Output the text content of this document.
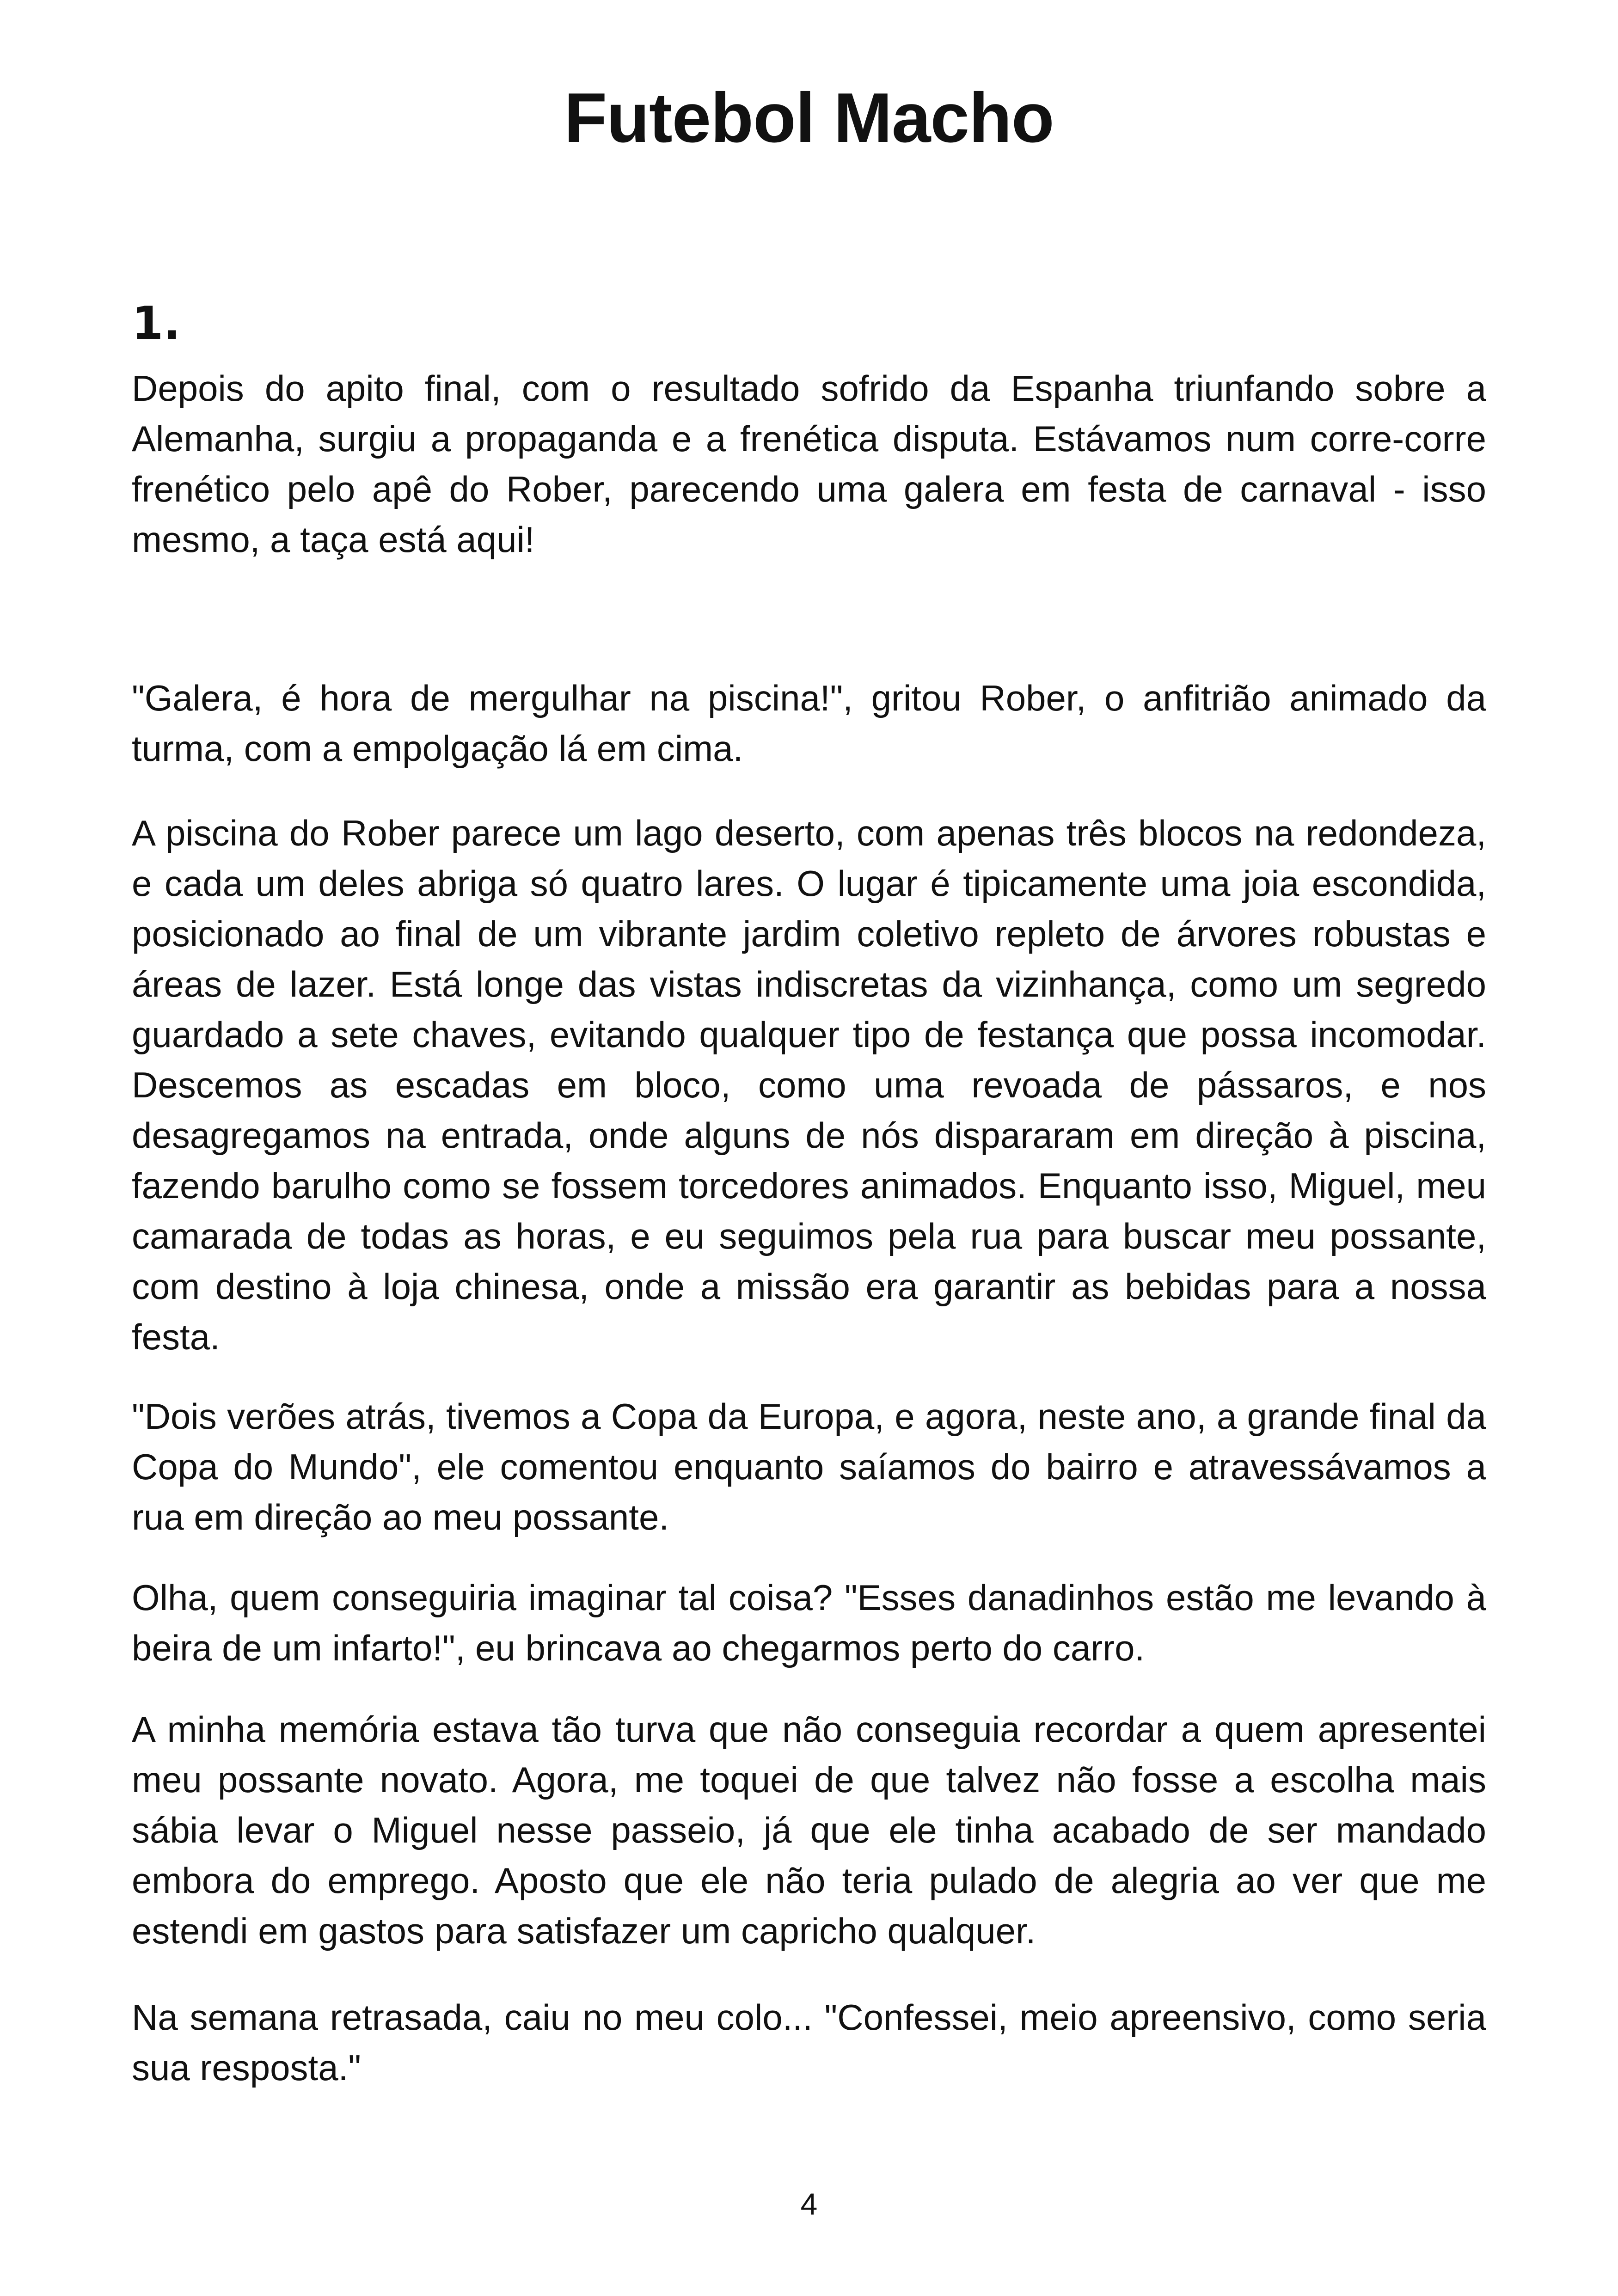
Futebol Macho
1.

Depois do apito final, com o resultado sofrido da Espanha triunfando sobre a Alemanha, surgiu a propaganda e a frenética disputa. Estávamos num corre-corre frenético pelo apê do Rober, parecendo uma galera em festa de carnaval - isso mesmo, a taça está aqui!

"Galera, é hora de mergulhar na piscina!", gritou Rober, o anfitrião animado da turma, com a empolgação lá em cima.

A piscina do Rober parece um lago deserto, com apenas três blocos na redondeza, e cada um deles abriga só quatro lares. O lugar é tipicamente uma joia escondida, posicionado ao final de um vibrante jardim coletivo repleto de árvores robustas e áreas de lazer. Está longe das vistas indiscretas da vizinhança, como um segredo guardado a sete chaves, evitando qualquer tipo de festança que possa incomodar. Descemos as escadas em bloco, como uma revoada de pássaros, e nos desagregamos na entrada, onde alguns de nós dispararam em direção à piscina, fazendo barulho como se fossem torcedores animados. Enquanto isso, Miguel, meu camarada de todas as horas, e eu seguimos pela rua para buscar meu possante, com destino à loja chinesa, onde a missão era garantir as bebidas para a nossa festa.

"Dois verões atrás, tivemos a Copa da Europa, e agora, neste ano, a grande final da Copa do Mundo", ele comentou enquanto saíamos do bairro e atravessávamos a rua em direção ao meu possante.

Olha, quem conseguiria imaginar tal coisa? "Esses danadinhos estão me levando à beira de um infarto!", eu brincava ao chegarmos perto do carro.

A minha memória estava tão turva que não conseguia recordar a quem apresentei meu possante novato. Agora, me toquei de que talvez não fosse a escolha mais sábia levar o Miguel nesse passeio, já que ele tinha acabado de ser mandado embora do emprego. Aposto que ele não teria pulado de alegria ao ver que me estendi em gastos para satisfazer um capricho qualquer.

Na semana retrasada, caiu no meu colo... "Confessei, meio apreensivo, como seria sua resposta."

4
